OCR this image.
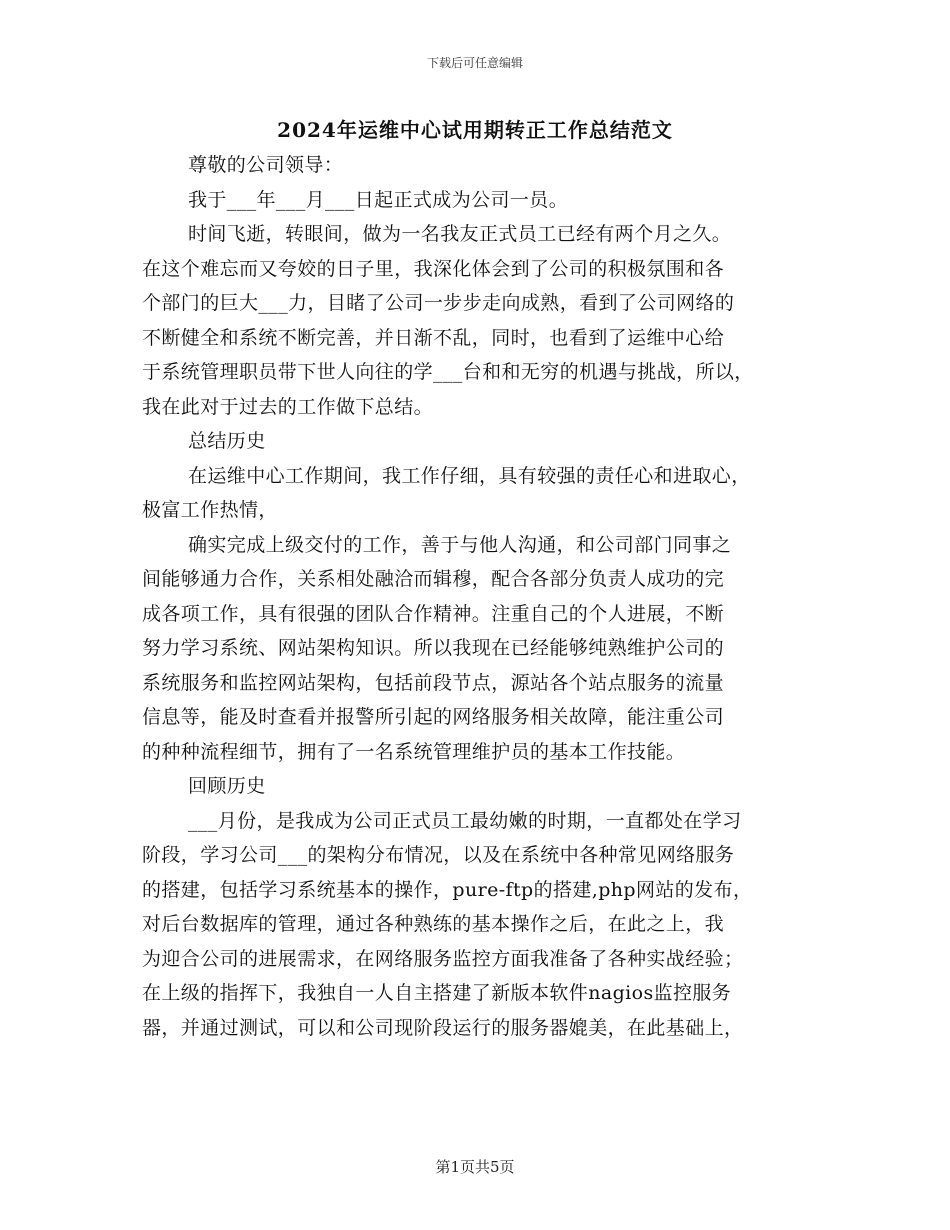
下载后可任意编辑
2024年运维中心试用期转正工作总结范文
尊敬的公司领导：
我于___年___月___日起正式成为公司一员。
时间飞逝，转眼间，做为一名我友正式员工已经有两个月之久。
在这个难忘而又夸姣的日子里，我深化体会到了公司的积极氛围和各
个部门的巨大___力，目睹了公司一步步走向成熟，看到了公司网络的
不断健全和系统不断完善，并日渐不乱，同时，也看到了运维中心给
于系统管理职员带下世人向往的学___台和和无穷的机遇与挑战，所以，
我在此对于过去的工作做下总结。
总结历史
在运维中心工作期间，我工作仔细，具有较强的责任心和进取心，
极富工作热情，
确实完成上级交付的工作，善于与他人沟通，和公司部门同事之
间能够通力合作，关系相处融洽而辑穆，配合各部分负责人成功的完
成各项工作，具有很强的团队合作精神。注重自己的个人进展，不断
努力学习系统、网站架构知识。所以我现在已经能够纯熟维护公司的
系统服务和监控网站架构，包括前段节点，源站各个站点服务的流量
信息等，能及时查看并报警所引起的网络服务相关故障，能注重公司
的种种流程细节，拥有了一名系统管理维护员的基本工作技能。
回顾历史
___月份，是我成为公司正式员工最幼嫩的时期，一直都处在学习
阶段，学习公司___的架构分布情况，以及在系统中各种常见网络服务
的搭建，包括学习系统基本的操作，pure-ftp的搭建,php网站的发布，
对后台数据库的管理，通过各种熟练的基本操作之后，在此之上，我
为迎合公司的进展需求，在网络服务监控方面我准备了各种实战经验；
在上级的指挥下，我独自一人自主搭建了新版本软件nagios监控服务
器，并通过测试，可以和公司现阶段运行的服务器媲美，在此基础上，
第1页共5页
